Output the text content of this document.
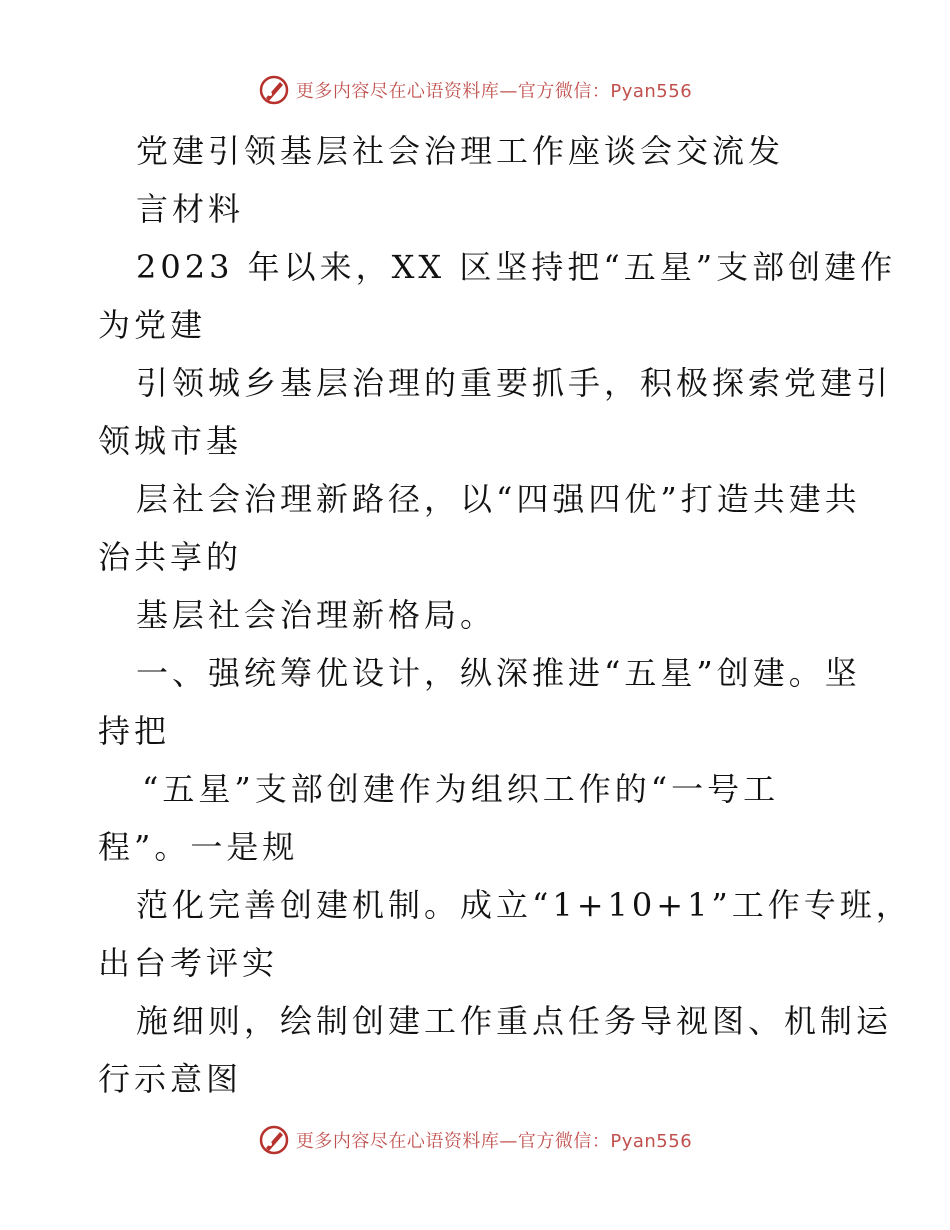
更多内容尽在心语资料库—官方微信：Pyan556
党建引领基层社会治理工作座谈会交流发
言材料
2023 年以来，XX 区坚持把“五星”支部创建作
为党建
引领城乡基层治理的重要抓手，积极探索党建引
领城市基
层社会治理新路径，以“四强四优”打造共建共
治共享的
基层社会治理新格局。
一、强统筹优设计，纵深推进“五星”创建。坚
持把
“五星”支部创建作为组织工作的“一号工
程”。一是规
范化完善创建机制。成立“1+10+1”工作专班，
出台考评实
施细则，绘制创建工作重点任务导视图、机制运
行示意图
更多内容尽在心语资料库—官方微信：Pyan556
